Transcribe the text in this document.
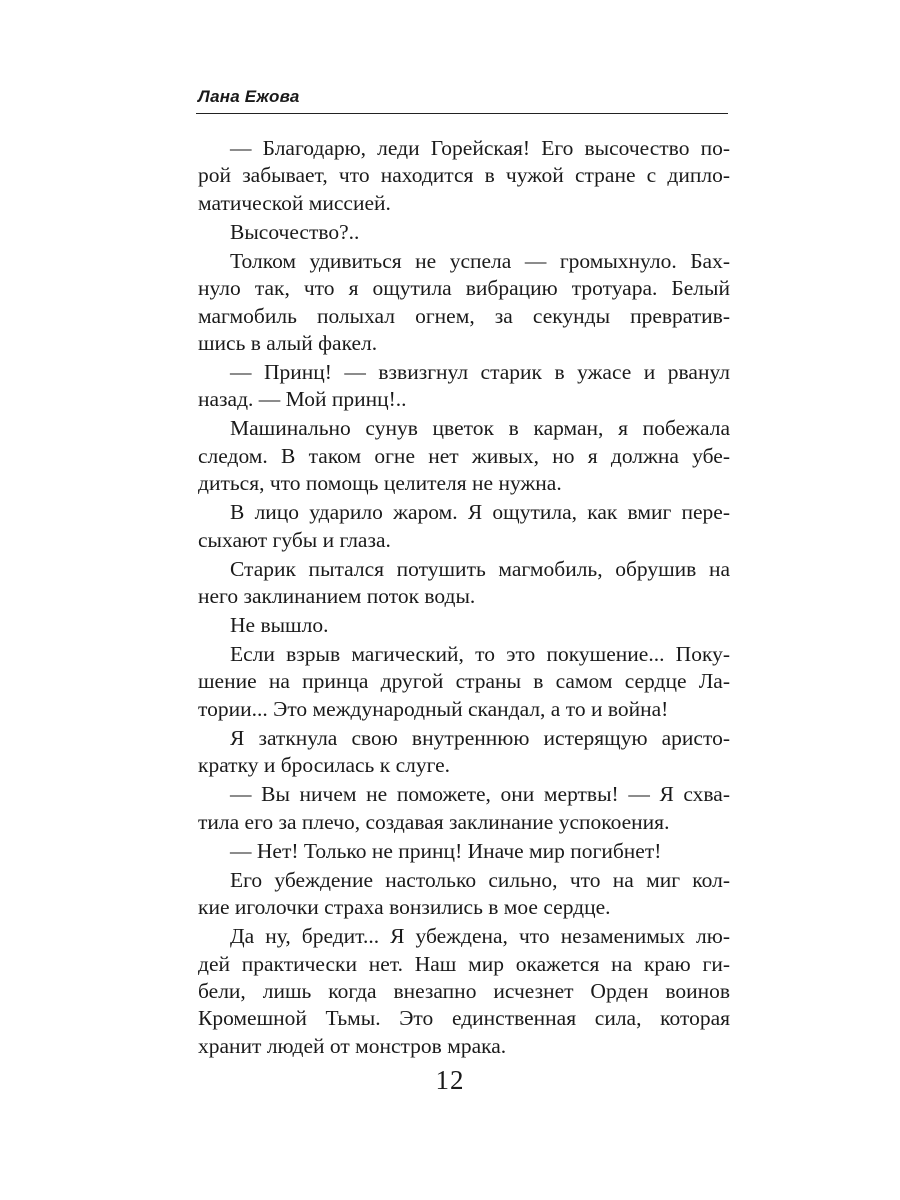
Лана Ежова
— Благодарю, леди Горейская! Его высочество по-
рой забывает, что находится в чужой стране с дипло-
матической миссией.
Высочество?..
Толком удивиться не успела — громыхнуло. Бах-
нуло так, что я ощутила вибрацию тротуара. Белый
магмобиль полыхал огнем, за секунды превратив-
шись в алый факел.
— Принц! — взвизгнул старик в ужасе и рванул
назад. — Мой принц!..
Машинально сунув цветок в карман, я побежала
следом. В таком огне нет живых, но я должна убе-
диться, что помощь целителя не нужна.
В лицо ударило жаром. Я ощутила, как вмиг пере-
сыхают губы и глаза.
Старик пытался потушить магмобиль, обрушив на
него заклинанием поток воды.
Не вышло.
Если взрыв магический, то это покушение... Поку-
шение на принца другой страны в самом сердце Ла-
тории... Это международный скандал, а то и война!
Я заткнула свою внутреннюю истерящую аристо-
кратку и бросилась к слуге.
— Вы ничем не поможете, они мертвы! — Я схва-
тила его за плечо, создавая заклинание успокоения.
— Нет! Только не принц! Иначе мир погибнет!
Его убеждение настолько сильно, что на миг кол-
кие иголочки страха вонзились в мое сердце.
Да ну, бредит... Я убеждена, что незаменимых лю-
дей практически нет. Наш мир окажется на краю ги-
бели, лишь когда внезапно исчезнет Орден воинов
Кромешной Тьмы. Это единственная сила, которая
хранит людей от монстров мрака.
12
